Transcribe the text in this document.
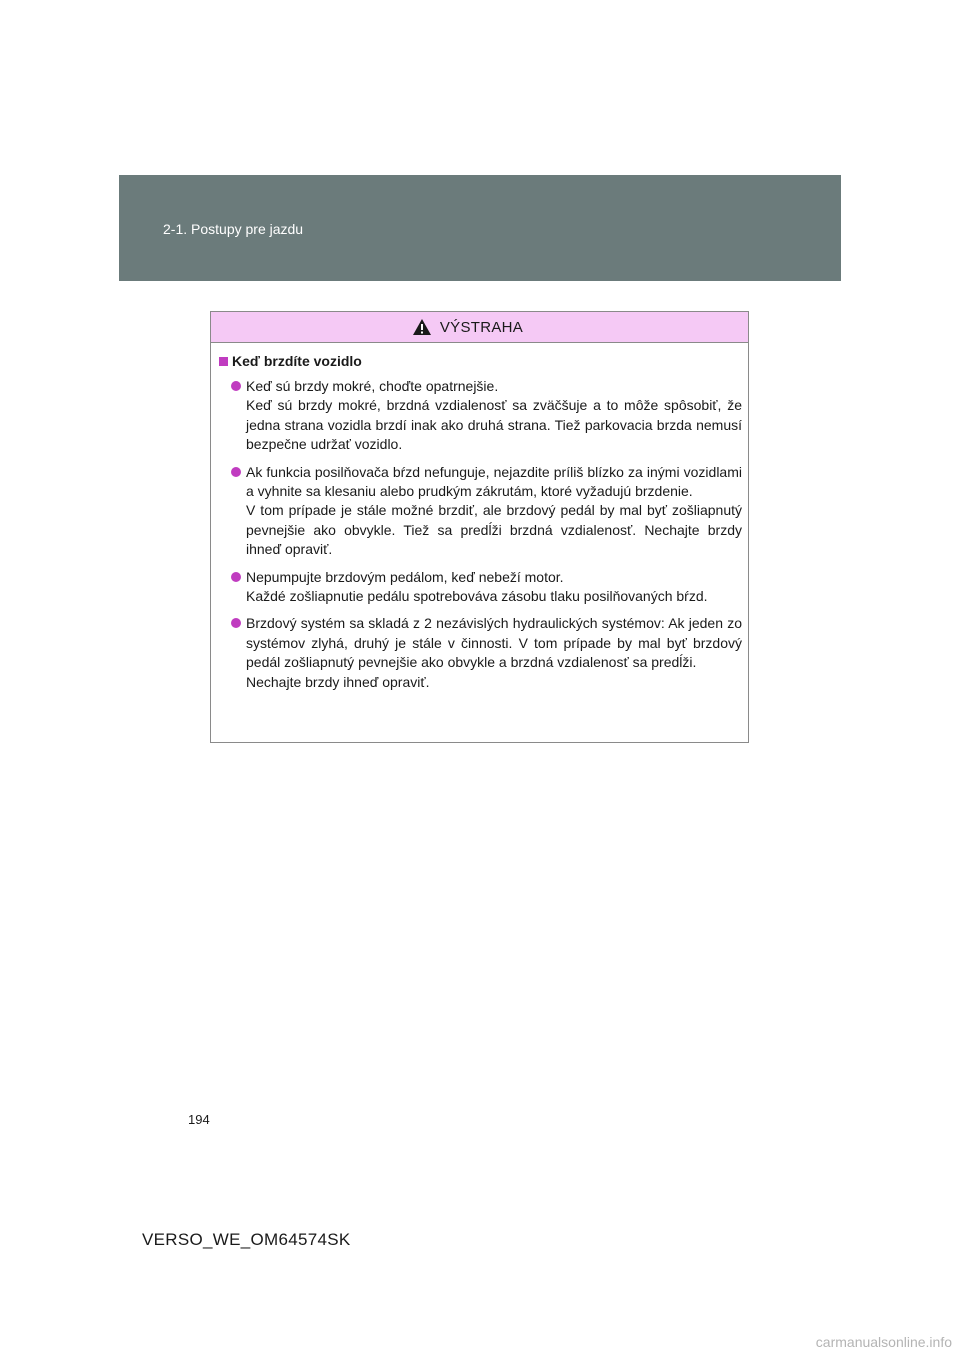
2-1. Postupy pre jazdu
VÝSTRAHA
Keď brzdíte vozidlo

Keď sú brzdy mokré, choďte opatrnejšie.

Keď sú brzdy mokré, brzdná vzdialenosť sa zväčšuje a to môže spôsobiť, že jedna strana vozidla brzdí inak ako druhá strana. Tiež parkovacia brzda nemusí bezpečne udržať vozidlo.

Ak funkcia posilňovača bŕzd nefunguje, nejazdite príliš blízko za inými vozidlami a vyhnite sa klesaniu alebo prudkým zákrutám, ktoré vyžadujú brzdenie.

V tom prípade je stále možné brzdiť, ale brzdový pedál by mal byť zošliapnutý pevnejšie ako obvykle. Tiež sa predĺži brzdná vzdialenosť. Nechajte brzdy ihneď opraviť.

Nepumpujte brzdovým pedálom, keď nebeží motor.

Každé zošliapnutie pedálu spotrebováva zásobu tlaku posilňovaných bŕzd.

Brzdový systém sa skladá z 2 nezávislých hydraulických systémov: Ak jeden zo systémov zlyhá, druhý je stále v činnosti. V tom prípade by mal byť brzdový pedál zošliapnutý pevnejšie ako obvykle a brzdná vzdialenosť sa predĺži.

Nechajte brzdy ihneď opraviť.

194
VERSO_WE_OM64574SK
carmanualsonline.info
